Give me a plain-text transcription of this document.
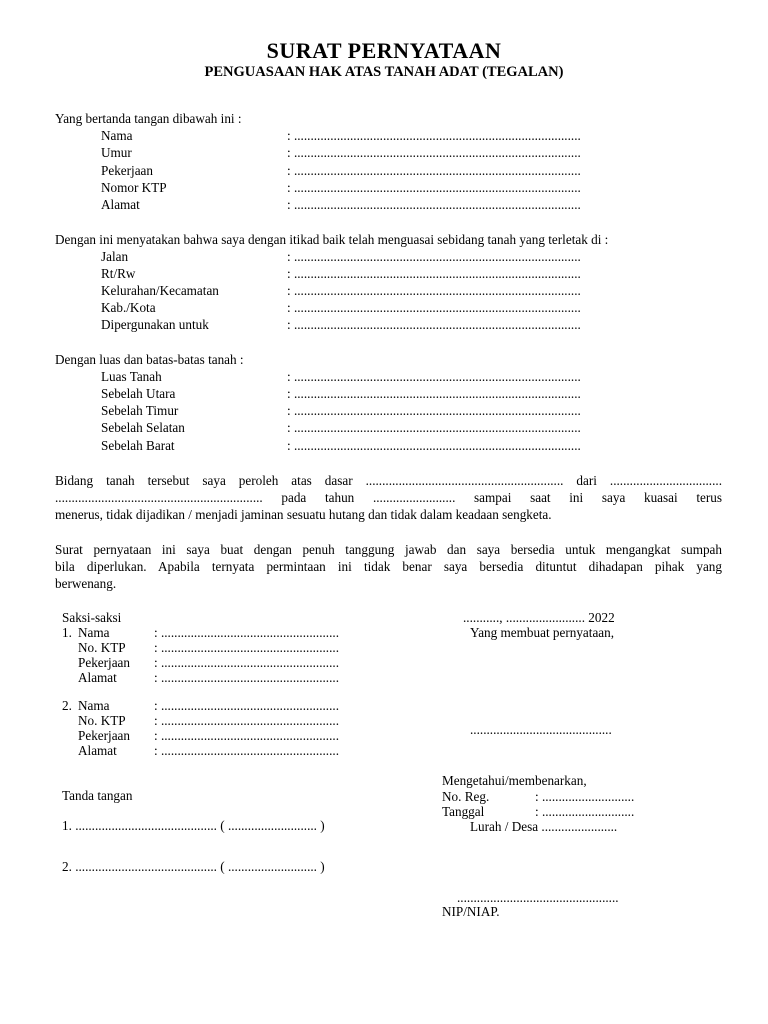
SURAT PERNYATAAN
PENGUASAAN HAK ATAS TANAH ADAT (TEGALAN)
Yang bertanda tangan dibawah ini :
Nama	: .......................................................................................
Umur	: .......................................................................................
Pekerjaan	: .......................................................................................
Nomor KTP	: .......................................................................................
Alamat	: .......................................................................................
Dengan ini menyatakan bahwa saya dengan itikad baik telah menguasai sebidang tanah yang terletak di :
Jalan	: .......................................................................................
Rt/Rw	: .......................................................................................
Kelurahan/Kecamatan	: .......................................................................................
Kab./Kota	: .......................................................................................
Dipergunakan untuk	: .......................................................................................
Dengan luas dan batas-batas tanah :
Luas Tanah	: .......................................................................................
Sebelah Utara	: .......................................................................................
Sebelah Timur	: .......................................................................................
Sebelah Selatan	: .......................................................................................
Sebelah Barat	: .......................................................................................
Bidang tanah tersebut saya peroleh atas dasar ............................................................ dari ..................................
............................................................... pada tahun ......................... sampai saat ini saya kuasai terus
menerus, tidak dijadikan / menjadi jaminan sesuatu hutang dan tidak dalam keadaan sengketa.
Surat pernyataan ini saya buat dengan penuh tanggung jawab dan saya bersedia untuk mengangkat sumpah
bila diperlukan. Apabila ternyata permintaan ini tidak benar saya bersedia dituntut dihadapan pihak yang
berwenang.
Saksi-saksi
1. Nama	: ......................................................
No. KTP : ......................................................
Pekerjaan : ......................................................
Alamat	: ......................................................
2. Nama	: ......................................................
No. KTP : ......................................................
Pekerjaan : ......................................................
Alamat	: ......................................................
..........., ........................ 2022
Yang membuat pernyataan,
...........................................
Tanda tangan
1. ........................................... ( ........................... )
2. ........................................... ( ........................... )
Mengetahui/membenarkan,
No. Reg.	: ............................
Tanggal	: ............................
Lurah / Desa .......................
.................................................
NIP/NIAP.
